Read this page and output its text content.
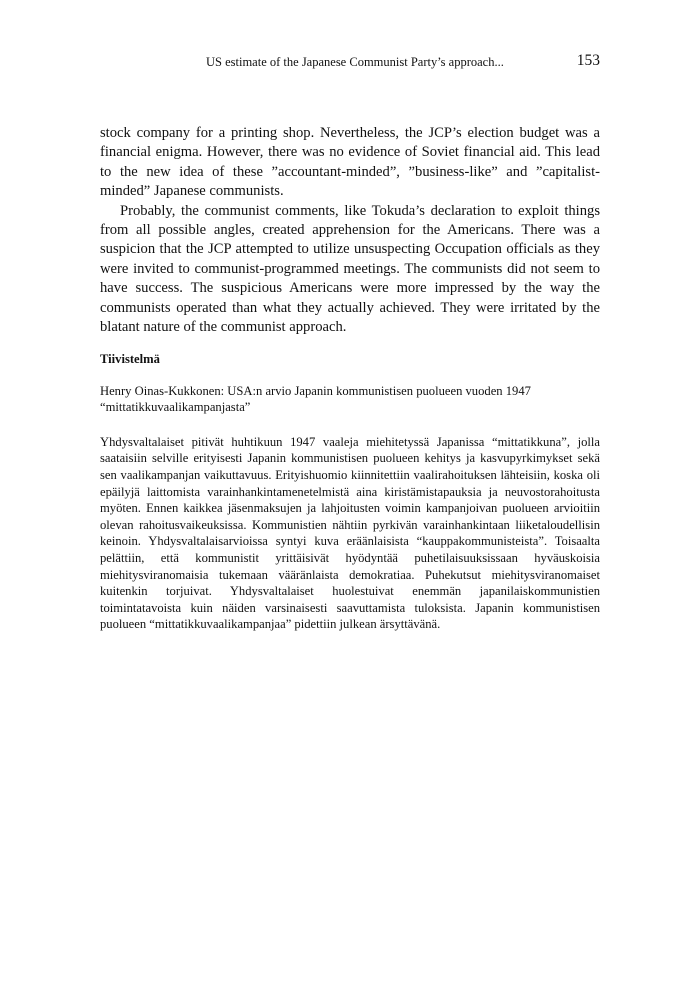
US estimate of the Japanese Communist Party’s approach...	153

stock company for a printing shop. Nevertheless, the JCP’s election budget was a financial enigma. However, there was no evidence of Soviet financial aid. This lead to the new idea of these ”accountant-minded”, ”business-like” and ”capitalist-minded” Japanese communists.

Probably, the communist comments, like Tokuda’s declaration to exploit things from all possible angles, created apprehension for the Americans. There was a suspicion that the JCP attempted to utilize unsuspecting Occupation officials as they were invited to communist-programmed meetings. The communists did not seem to have success. The suspicious Americans were more impressed by the way the communists operated than what they actually achieved. They were irritated by the blatant nature of the communist approach.

Tiivistelmä

Henry Oinas-Kukkonen: USA:n arvio Japanin kommunistisen puolueen vuoden 1947 “mittatikkuvaalikampanjasta”

Yhdysvaltalaiset pitivät huhtikuun 1947 vaaleja miehitetyssä Japanissa “mittatikkuna”, jolla saataisiin selville erityisesti Japanin kommunistisen puolueen kehitys ja kasvupyrkimykset sekä sen vaalikampanjan vaikuttavuus. Erityishuomio kiinnitettiin vaalirahoituksen lähteisiin, koska oli epäilyjä laittomista varainhankintamenetelmistä aina kiristämistapauksia ja neuvostorahoitusta myöten. Ennen kaikkea jäsenmaksujen ja lahjoitusten voimin kampanjoivan puolueen arvioitiin olevan rahoitusvaikeuksissa. Kommunistien nähtiin pyrkivän varainhankintaan liiketaloudellisin keinoin. Yhdysvaltalaisarvioissa syntyi kuva eräänlaisista “kauppakommunisteista”. Toisaalta pelättiin, että kommunistit yrittäisivät hyödyntää puhetilaisuuksissaan hyväuskoisia miehitysviranomaisia tukemaan vääränlaista demokratiaa. Puhekutsut miehitysviranomaiset kuitenkin torjuivat. Yhdysvaltalaiset huolestuivat enemmän japanilaiskommunistien toimintatavoista kuin näiden varsinaisesti saavuttamista tuloksista. Japanin kommunistisen puolueen “mittatikkuvaalikampanjaa” pidettiin julkean ärsyttävänä.
